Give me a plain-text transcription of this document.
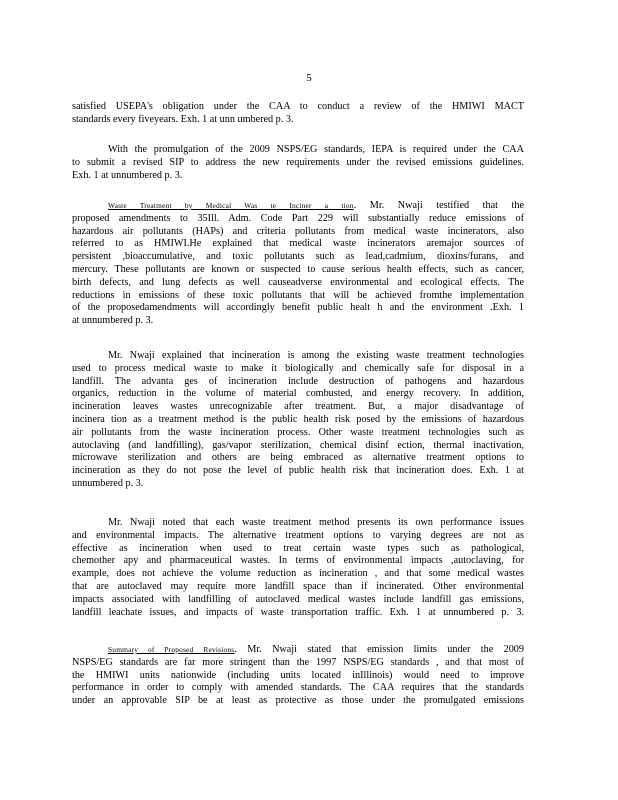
5
satisfied USEPA's obligation under the CAA to conduct a review of the HMIWI MACT
standards every fiveyears. Exh. 1 at unn umbered p. 3.
With the promulgation of the 2009 NSPS/EG standards, IEPA is required under the CAA
to submit a revised SIP to address the new requirements under the revised emissions guidelines.
Exh. 1 at unnumbered p. 3.
Waste Treatment by Medical Was te Inciner a tion. Mr. Nwaji testified that the
proposed amendments to 35Ill. Adm. Code Part 229 will substantially reduce emissions of
hazardous air pollutants (HAPs) and criteria pollutants from medical waste incinerators, also
referred to as HMIWI.He explained that medical waste incinerators aremajor sources of
persistent ,bioaccumulative, and toxic pollutants such as lead,cadmium, dioxins/furans, and
mercury. These pollutants are known or suspected to cause serious health effects, such as cancer,
birth defects, and lung defects as well causeadverse environmental and ecological effects. The
reductions in emissions of these toxic pollutants that will be achieved fromthe implementation
of the proposedamendments will accordingly benefit public healt h and the environment .Exh. 1
at unnumbered p. 3.
Mr. Nwaji explained that incineration is among the existing waste treatment technologies
used to process medical waste to make it biologically and chemically safe for disposal in a
landfill. The advanta ges of incineration include destruction of pathogens and hazardous
organics, reduction in the volume of material combusted, and energy recovery. In addition,
incineration leaves wastes unrecognizable after treatment. But, a major disadvantage of
incinera tion as a treatment method is the public health risk posed by the emissions of hazardous
air pollutants from the waste incineration process. Other waste treatment technologies such as
autoclaving (and landfilling), gas/vapor sterilization, chemical disinf ection, thermal inactivation,
microwave sterilization and others are being embraced as alternative treatment options to
incineration as they do not pose the level of public health risk that incineration does. Exh. 1 at
unnumbered p. 3.
Mr. Nwaji noted that each waste treatment method presents its own performance issues
and environmental impacts. The alternative treatment options to varying degrees are not as
effective as incineration when used to treat certain waste types such as pathological,
chemother apy and pharmaceutical wastes. In terms of environmental impacts ,autoclaving, for
example, does not achieve the volume reduction as incineration , and that some medical wastes
that are autoclaved may require more landfill space than if incinerated. Other environmental
impacts associated with landfilling of autoclaved medical wastes include landfill gas emissions,
landfill leachate issues, and impacts of waste transportation traffic. Exh. 1 at unnumbered p. 3.
Summary of Proposed Revisions. Mr. Nwaji stated that emission limits under the 2009
NSPS/EG standards are far more stringent than the 1997 NSPS/EG standards , and that most of
the HMIWI units nationwide (including units located inIllinois) would need to improve
performance in order to comply with amended standards. The CAA requires that the standards
under an approvable SIP be at least as protective as those under the promulgated emissions
